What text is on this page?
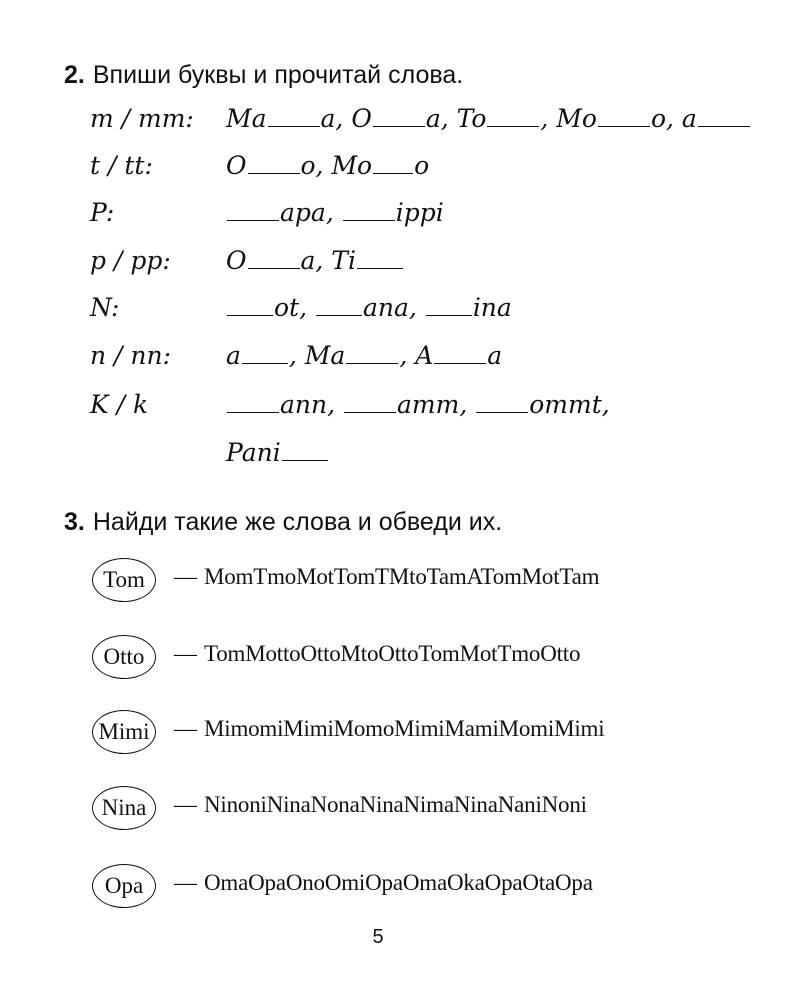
2. Впиши буквы и прочитай слова.
m / mm: Ma a, O a, To , Mo o, a
t / tt:	O o, Mo o
P:	apa, ippi
p / pp: O a, Ti
N:	ot, ana, ina
n / nn: a , Ma , A a
K / k	ann, amm, ommt,
Pani
3. Найди такие же слова и обведи их.
Tom	— MomTmoMotTomTMtoTamATomMotTam
Otto	— TomMottoOttoMtoOttoTomMotTmoOtto
Mimi — MimomiMimiMomoMimiMamiMomiMimi
Nina	— NinoniNinaNonaNinaNimaNinaNaniNoni
Opa	— OmaOpaOnoOmiOpaOmaOkaOpaOtaOpa
5
